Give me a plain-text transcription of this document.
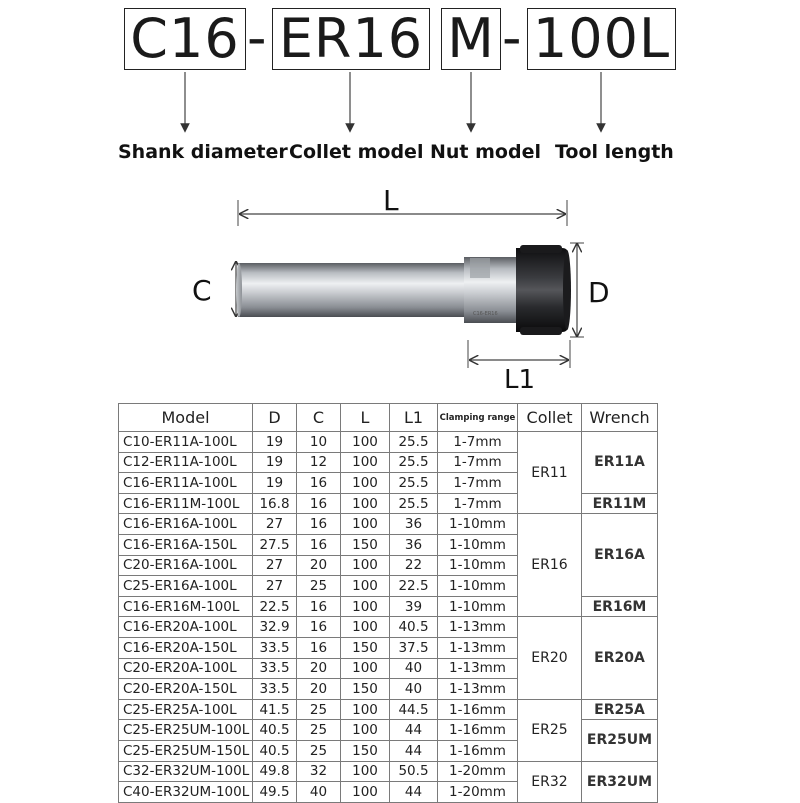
C16 - ER16 M - 100L
Shank diameter Collet model Nut model Tool length
L
C
C16-ER16
D
L1
Model	D	C	L	L1	Clamping range	Collet	Wrench
C10-ER11A-100L	19	10	100	25.5	1-7mm	ER11	ER11A
C12-ER11A-100L	19	12	100	25.5	1-7mm		
C16-ER11A-100L	19	16	100	25.5	1-7mm		
C16-ER11M-100L	16.8	16	100	25.5	1-7mm		ER11M
C16-ER16A-100L	27	16	100	36	1-10mm	ER16	ER16A
C16-ER16A-150L	27.5	16	150	36	1-10mm		
C20-ER16A-100L	27	20	100	22	1-10mm		
C25-ER16A-100L	27	25	100	22.5	1-10mm		
C16-ER16M-100L	22.5	16	100	39	1-10mm		ER16M
C16-ER20A-100L	32.9	16	100	40.5	1-13mm	ER20	ER20A
C16-ER20A-150L	33.5	16	150	37.5	1-13mm		
C20-ER20A-100L	33.5	20	100	40	1-13mm		
C20-ER20A-150L	33.5	20	150	40	1-13mm		
C25-ER25A-100L	41.5	25	100	44.5	1-16mm	ER25	ER25A
C25-ER25UM-100L	40.5	25	100	44	1-16mm		ER25UM
C25-ER25UM-150L	40.5	25	150	44	1-16mm		
C32-ER32UM-100L	49.8	32	100	50.5	1-20mm	ER32	ER32UM
C40-ER32UM-100L	49.5	40	100	44	1-20mm		
